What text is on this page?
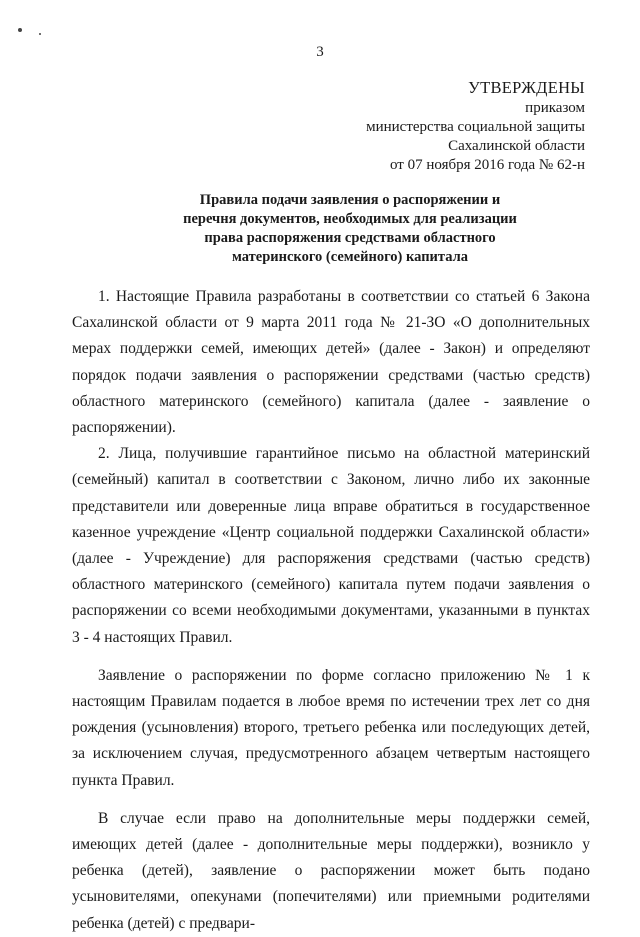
3
УТВЕРЖДЕНЫ
приказом
министерства социальной защиты
Сахалинской области
от 07 ноября 2016 года № 62-н
Правила подачи заявления о распоряжении и
перечня документов, необходимых для реализации
права распоряжения средствами областного
материнского (семейного) капитала

1. Настоящие Правила разработаны в соответствии со статьей 6 Закона Сахалинской области от 9 марта 2011 года № 21-ЗО «О дополнительных мерах поддержки семей, имеющих детей» (далее - Закон) и определяют порядок подачи заявления о распоряжении средствами (частью средств) областного материнского (семейного) капитала (далее - заявление о распоряжении).

2. Лица, получившие гарантийное письмо на областной материнский (семейный) капитал в соответствии с Законом, лично либо их законные представители или доверенные лица вправе обратиться в государственное казенное учреждение «Центр социальной поддержки Сахалинской области» (далее - Учреждение) для распоряжения средствами (частью средств) областного материнского (семейного) капитала путем подачи заявления о распоряжении со всеми необходимыми документами, указанными в пунктах 3 - 4 настоящих Правил.

Заявление о распоряжении по форме согласно приложению № 1 к настоящим Правилам подается в любое время по истечении трех лет со дня рождения (усыновления) второго, третьего ребенка или последующих детей, за исключением случая, предусмотренного абзацем четвертым настоящего пункта Правил.

В случае если право на дополнительные меры поддержки семей, имеющих детей (далее - дополнительные меры поддержки), возникло у ребенка (детей), заявление о распоряжении может быть подано усыновителями, опекунами (попечителями) или приемными родителями ребенка (детей) с предвари-
